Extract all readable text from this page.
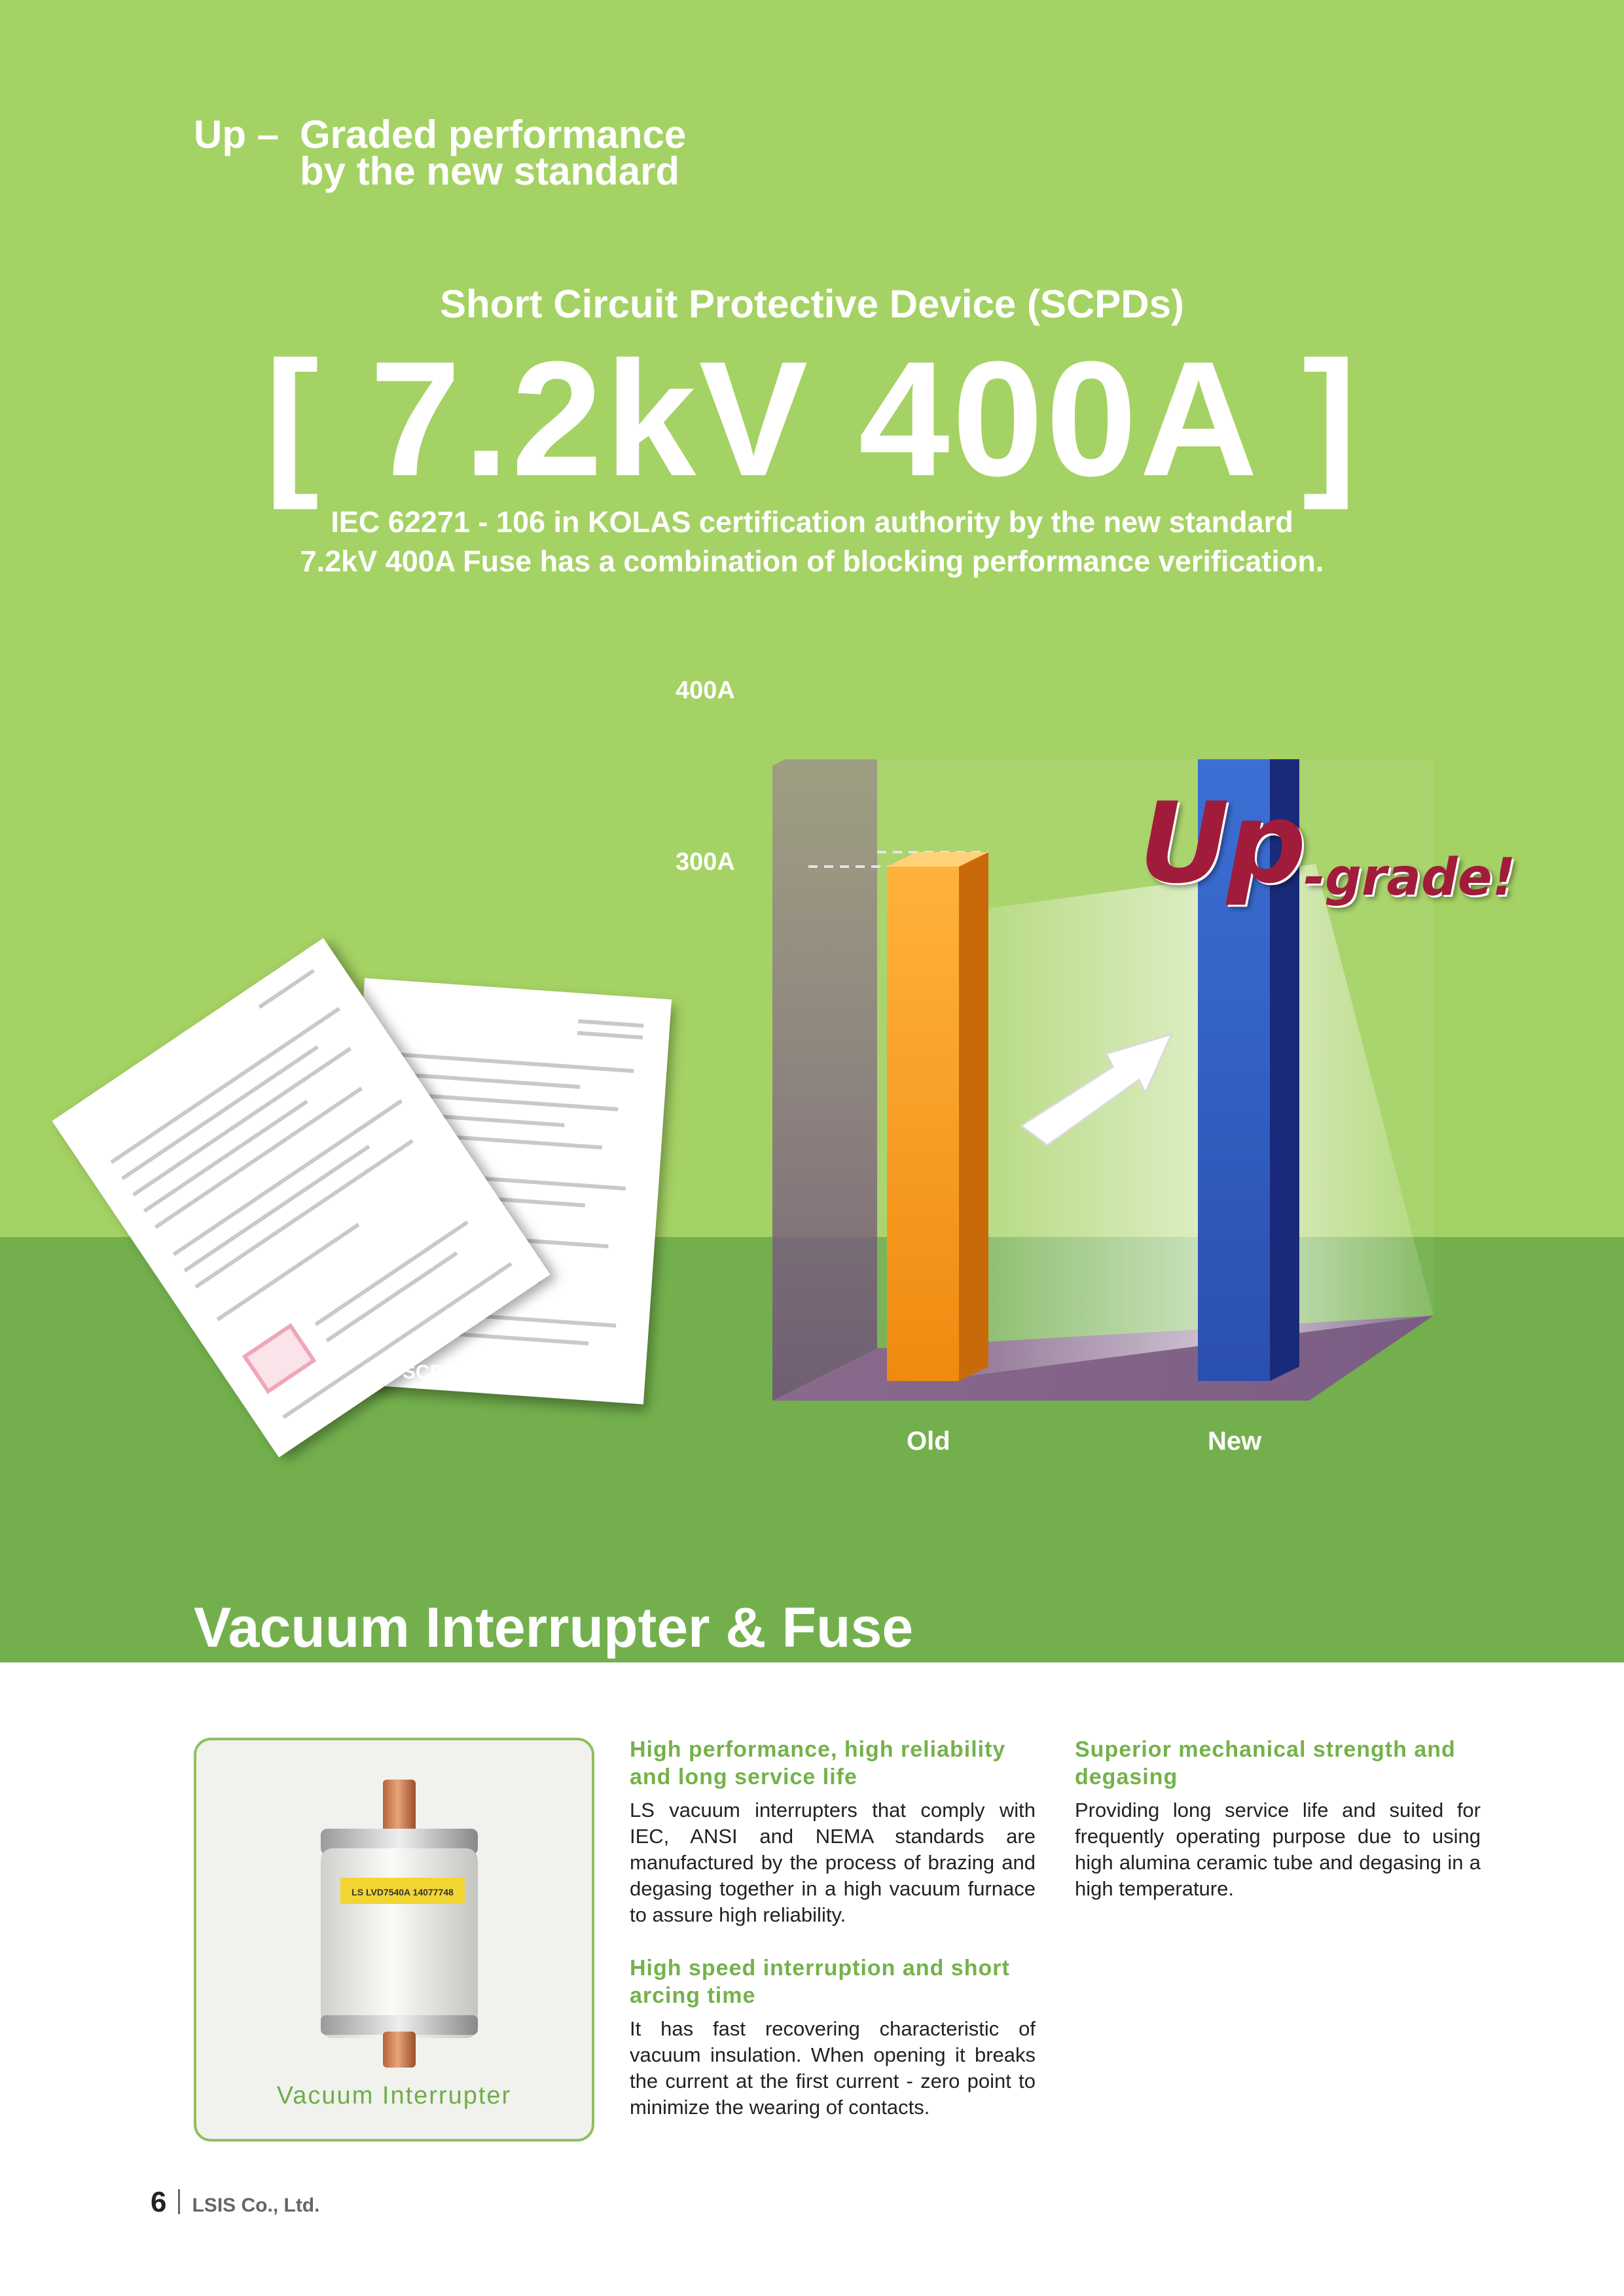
Up – Graded performance
by the new standard
Short Circuit Protective Device (SCPDs)
[ 7.2kV 400A ]
IEC 62271 - 106 in KOLAS certification authority by the new standard
7.2kV 400A Fuse has a combination of blocking performance verification.
SCPDs Test Report
400A
300A
Old	New
Up-grade!
Vacuum Interrupter & Fuse
LS LVD7540A 14077748
Vacuum Interrupter
High performance, high reliability and long service life

LS vacuum interrupters that comply with IEC, ANSI and NEMA standards are manufactured by the process of brazing and degasing together in a high vacuum furnace to assure high reliability.

High speed interruption and short arcing time

It has fast recovering characteristic of vacuum insulation. When opening it breaks the current at the first current - zero point to minimize the wearing of contacts.

Superior mechanical strength and degasing

Providing long service life and suited for frequently operating purpose due to using high alumina ceramic tube and degasing in a high temperature.

6 LSIS Co., Ltd.
